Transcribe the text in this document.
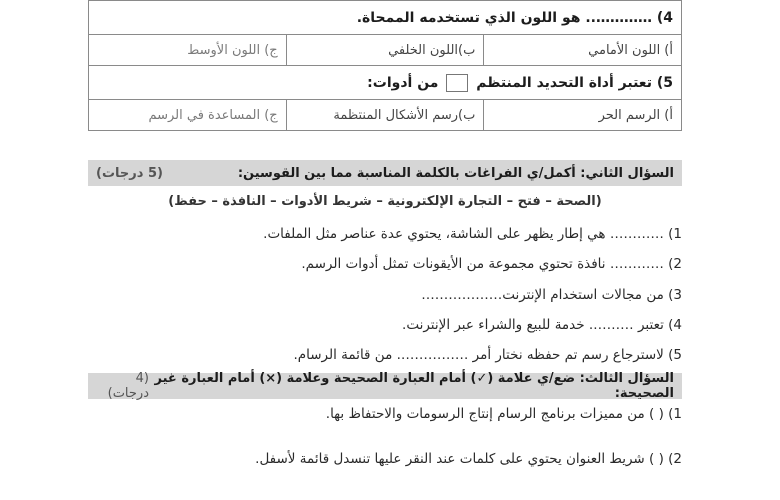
4) ………….. هو اللون الذي تستخدمه الممحاة.		
أ) اللون الأمامي	ب)اللون الخلفي	ج) اللون الأوسط
5) تعتبر أداة التحديد المنتظم  من أدوات:		
أ) الرسم الحر	ب)رسم الأشكال المنتظمة	ج) المساعدة في الرسم
السؤال الثاني: أكمل/ي الفراغات بالكلمة المناسبة مما بين القوسين:
(5 درجات)
(الصحة – فتح – التجارة الإلكترونية – شريط الأدوات – النافذة – حفظ)
1) ………… هي إطار يظهر على الشاشة، يحتوي عدة عناصر مثل الملفات.
2) ………… نافذة تحتوي مجموعة من الأيقونات تمثل أدوات الرسم.
3) من مجالات استخدام الإنترنت………………
4) تعتبر ………. خدمة للبيع والشراء عبر الإنترنت.
5) لاسترجاع رسم تم حفظه نختار أمر ……………. من قائمة الرسام.
السؤال الثالث: ضع/ي علامة (✓) أمام العبارة الصحيحة وعلامة (×) أمام العبارة غير الصحيحة:
(4 درجات)
1) ( ) من مميزات برنامج الرسام إنتاج الرسومات والاحتفاظ بها.
2) ( ) شريط العنوان يحتوي على كلمات عند النقر عليها تنسدل قائمة لأسفل.
